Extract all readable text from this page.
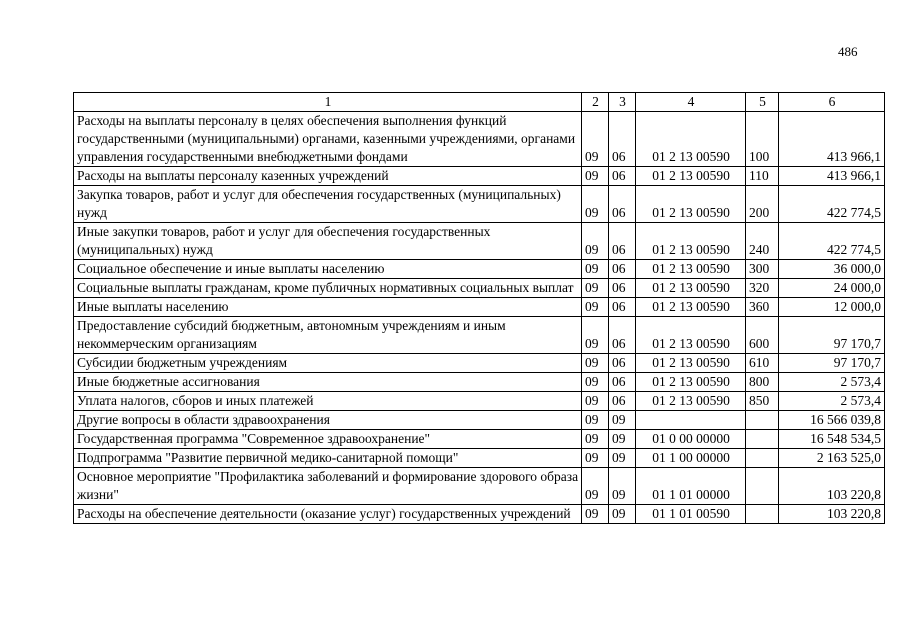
486
1	2	3	4	5	6
Расходы на выплаты персоналу в целях обеспечения выполнения функций государственными (муниципальными) органами, казенными учреждениями, органами управления государственными внебюджетными фондами	09	06	01 2 13 00590	100	413 966,1
Расходы на выплаты персоналу казенных учреждений	09	06	01 2 13 00590	110	413 966,1
Закупка товаров, работ и услуг для обеспечения государственных (муниципальных) нужд	09	06	01 2 13 00590	200	422 774,5
Иные закупки товаров, работ и услуг для обеспечения государственных (муниципальных) нужд	09	06	01 2 13 00590	240	422 774,5
Социальное обеспечение и иные выплаты населению	09	06	01 2 13 00590	300	36 000,0
Социальные выплаты гражданам, кроме публичных нормативных социальных выплат	09	06	01 2 13 00590	320	24 000,0
Иные выплаты населению	09	06	01 2 13 00590	360	12 000,0
Предоставление субсидий бюджетным, автономным учреждениям и иным некоммерческим организациям	09	06	01 2 13 00590	600	97 170,7
Субсидии бюджетным учреждениям	09	06	01 2 13 00590	610	97 170,7
Иные бюджетные ассигнования	09	06	01 2 13 00590	800	2 573,4
Уплата налогов, сборов и иных платежей	09	06	01 2 13 00590	850	2 573,4
Другие вопросы в области здравоохранения	09	09			16 566 039,8
Государственная программа "Современное здравоохранение"	09	09	01 0 00 00000		16 548 534,5
Подпрограмма "Развитие первичной медико-санитарной помощи"	09	09	01 1 00 00000		2 163 525,0
Основное мероприятие "Профилактика заболеваний и формирование здорового образа жизни"	09	09	01 1 01 00000		103 220,8
Расходы на обеспечение деятельности (оказание услуг) государственных учреждений	09	09	01 1 01 00590		103 220,8
